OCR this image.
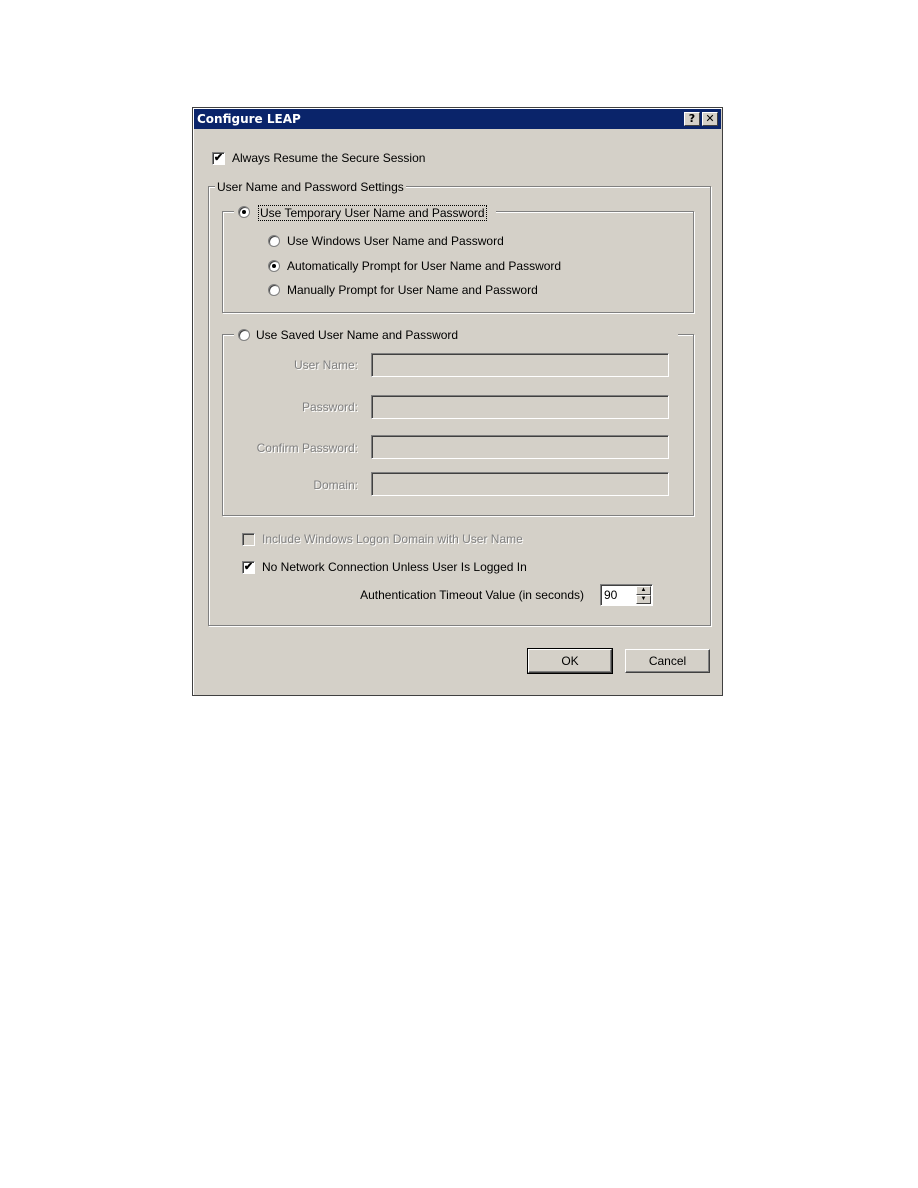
Configure LEAP	? ✕
✔ Always Resume the Secure Session
User Name and Password Settings
Use Temporary User Name and Password
Use Windows User Name and Password
Automatically Prompt for User Name and Password
Manually Prompt for User Name and Password
Use Saved User Name and Password
User Name:
Password:
Confirm Password:
Domain:
Include Windows Logon Domain with User Name
✔ No Network Connection Unless User Is Logged In
Authentication Timeout Value (in seconds) 90	▲
▼
OK	Cancel
